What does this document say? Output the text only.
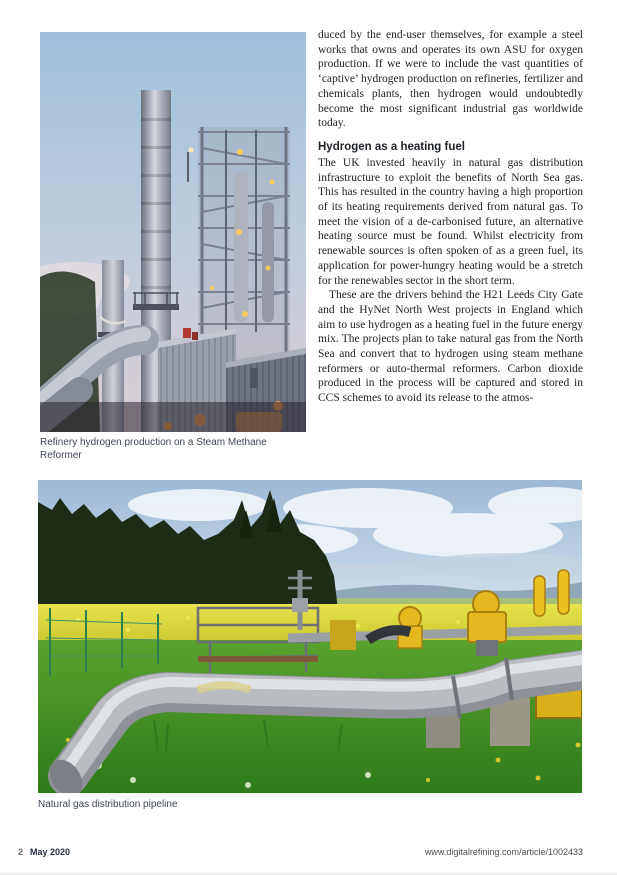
Refinery hydrogen production on a Steam Methane Reformer

duced by the end-user themselves, for example a steel works that owns and operates its own ASU for oxygen production. If we were to include the vast quantities of ‘captive’ hydrogen production on refineries, fertilizer and chemicals plants, then hydrogen would undoubtedly become the most significant industrial gas worldwide today.

Hydrogen as a heating fuel

The UK invested heavily in natural gas distribution infrastructure to exploit the benefits of North Sea gas. This has resulted in the country having a high proportion of its heating requirements derived from natural gas. To meet the vision of a de-carbonised future, an alternative heating source must be found. Whilst electricity from renewable sources is often spoken of as a green fuel, its application for power-hungry heating would be a stretch for the renewables sector in the short term.

These are the drivers behind the H21 Leeds City Gate and the HyNet North West projects in England which aim to use hydrogen as a heating fuel in the future energy mix. The projects plan to take natural gas from the North Sea and convert that to hydrogen using steam methane reformers or auto-thermal reformers. Carbon dioxide produced in the process will be captured and stored in CCS schemes to avoid its release to the atmos-

Natural gas distribution pipeline
2 May 2020	www.digitalrefining.com/article/1002433
